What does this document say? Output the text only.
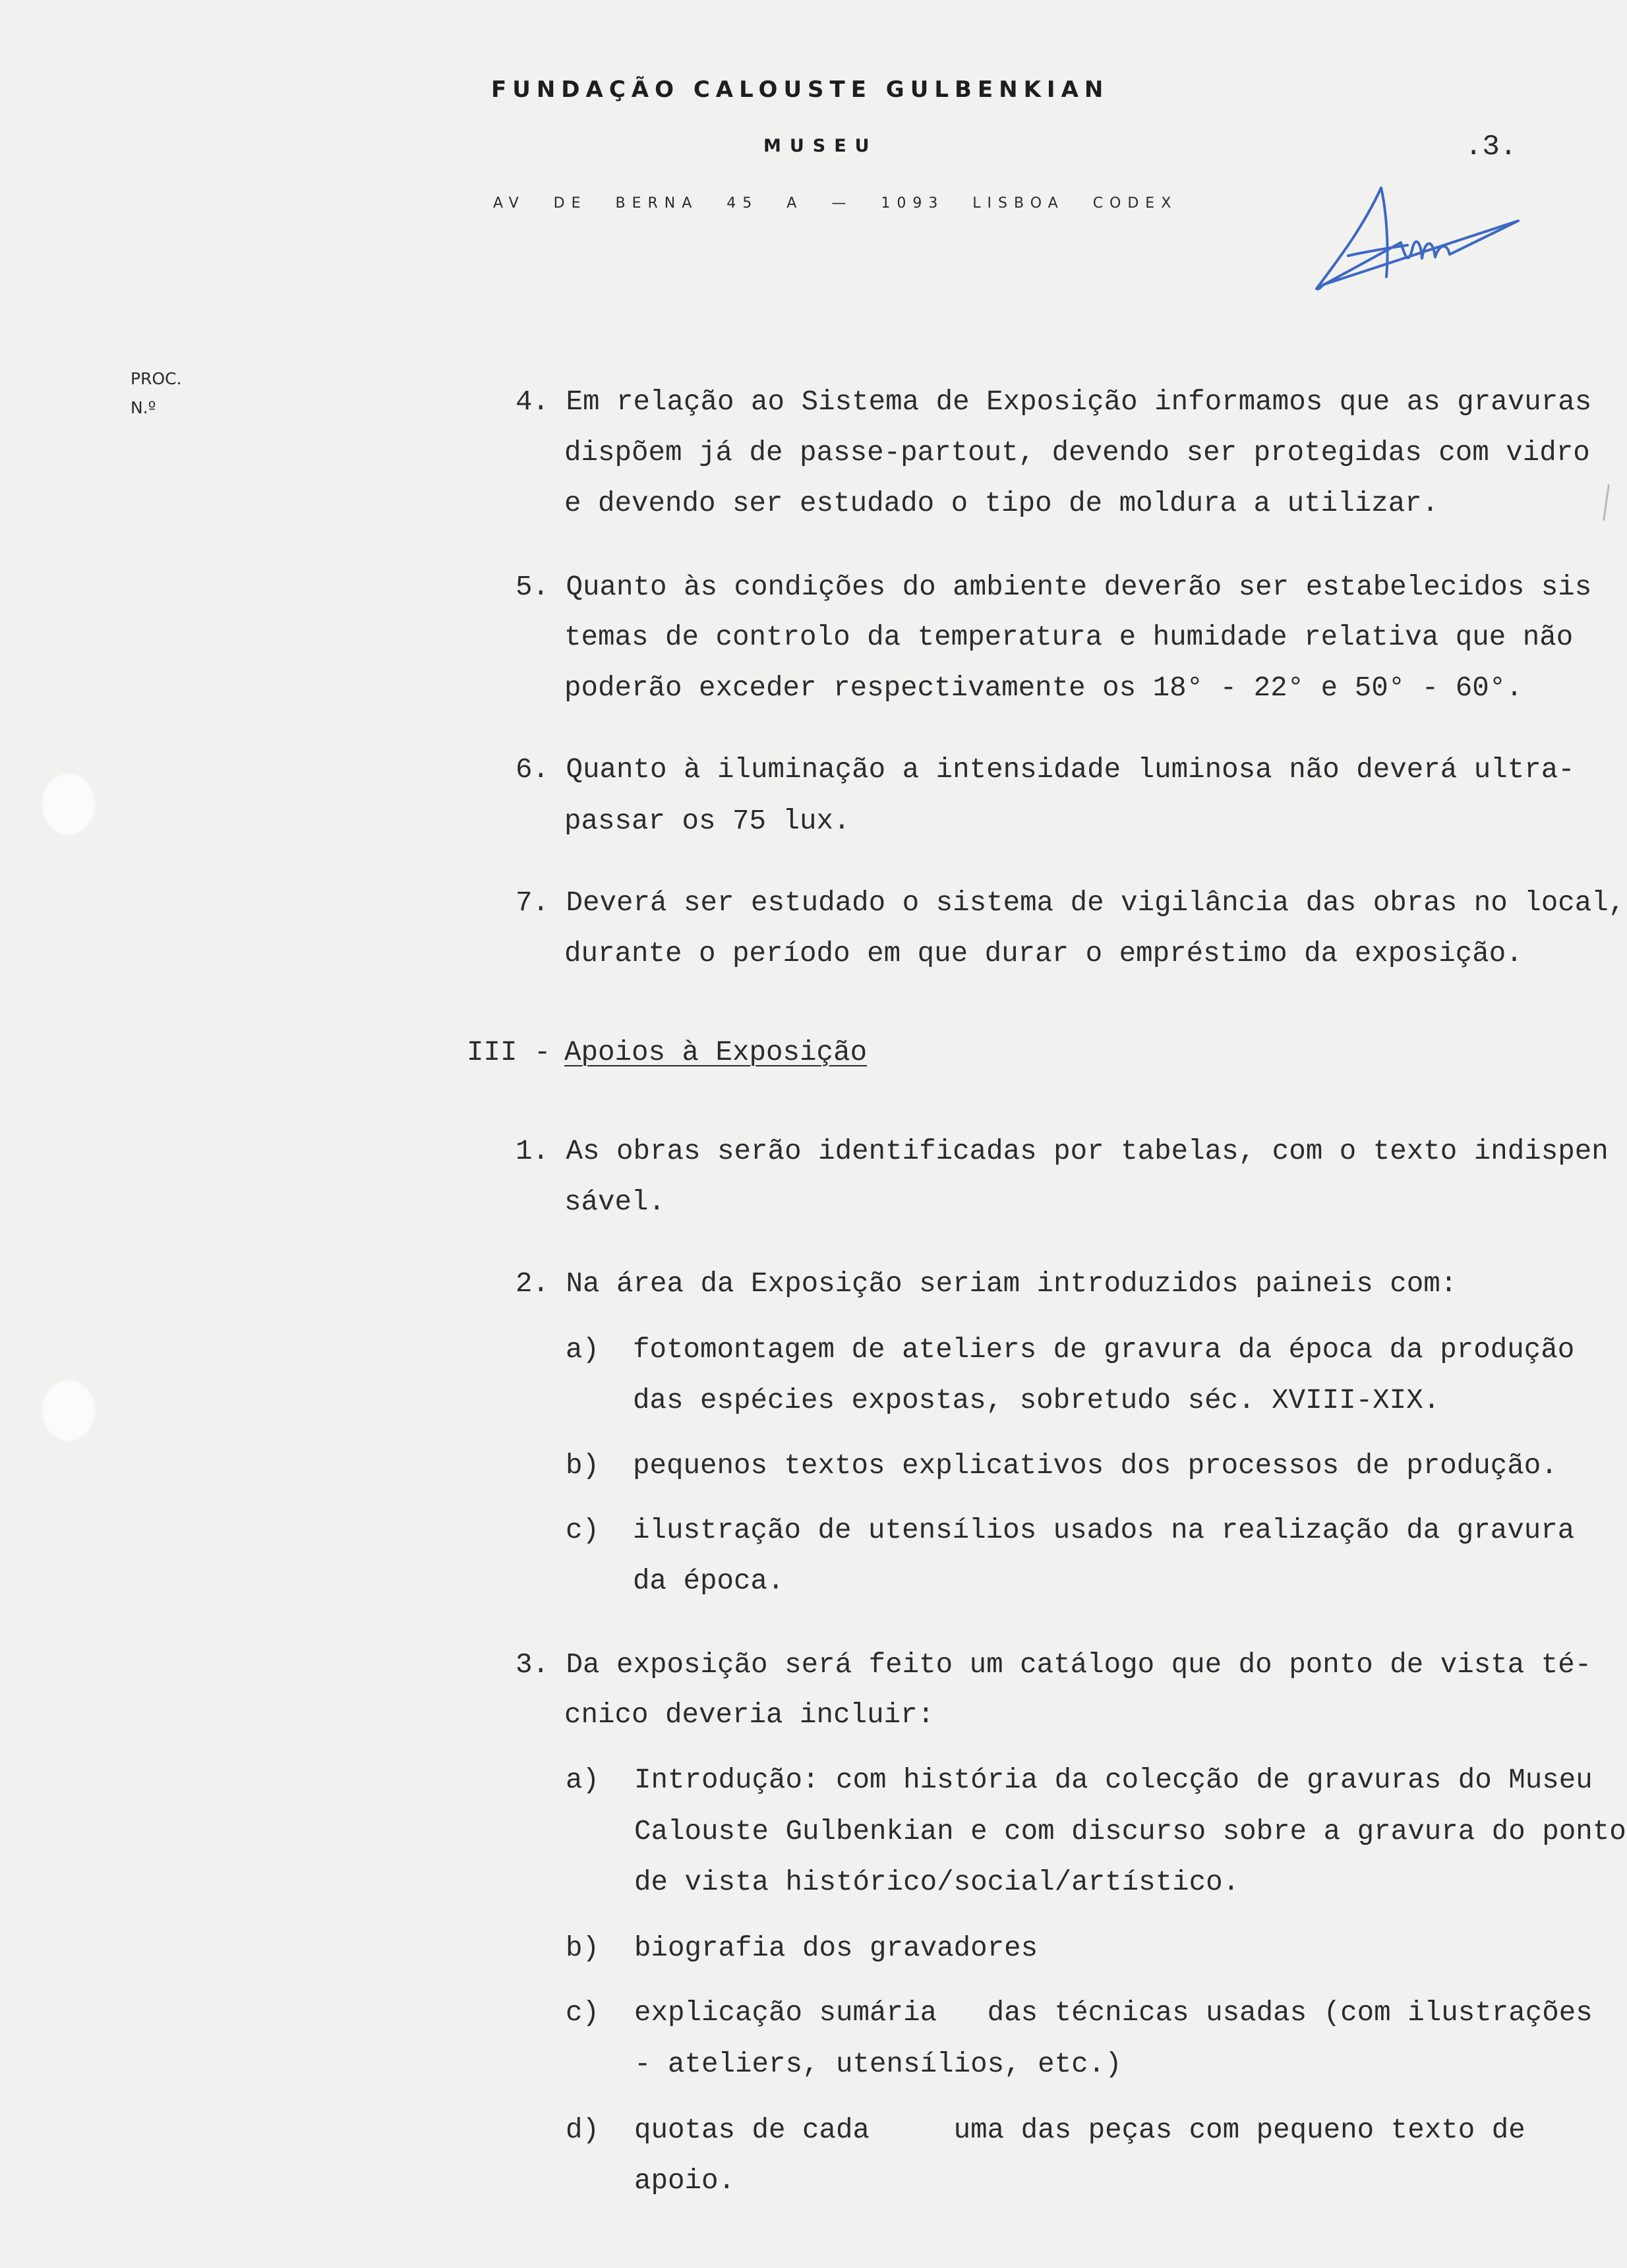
FUNDAÇÃO CALOUSTE GULBENKIAN
MUSEU
AV DE BERNA 45 A — 1093 LISBOA CODEX
.3.
PROC.
N.º	4. Em relação ao Sistema de Exposição informamos que as gravuras
dispõem já de passe-partout, devendo ser protegidas com vidro
e devendo ser estudado o tipo de moldura a utilizar.
5. Quanto às condições do ambiente deverão ser estabelecidos sis
temas de controlo da temperatura e humidade relativa que não
poderão exceder respectivamente os 18° - 22° e 50° - 60°.
6. Quanto à iluminação a intensidade luminosa não deverá ultra-
passar os 75 lux.
7. Deverá ser estudado o sistema de vigilância das obras no local,
durante o período em que durar o empréstimo da exposição.
III -
Apoios à Exposição
1. As obras serão identificadas por tabelas, com o texto indispen
sável.
2. Na área da Exposição seriam introduzidos paineis com:
a) fotomontagem de ateliers de gravura da época da produção
das espécies expostas, sobretudo séc. XVIII-XIX.
b) pequenos textos explicativos dos processos de produção.
c) ilustração de utensílios usados na realização da gravura
da época.
3. Da exposição será feito um catálogo que do ponto de vista té-
cnico deveria incluir:
a) Introdução: com história da colecção de gravuras do Museu
Calouste Gulbenkian e com discurso sobre a gravura do ponto
de vista histórico/social/artístico.
b) biografia dos gravadores
c) explicação sumária   das técnicas usadas (com ilustrações
- ateliers, utensílios, etc.)
d) quotas de cada     uma das peças com pequeno texto de
apoio.
